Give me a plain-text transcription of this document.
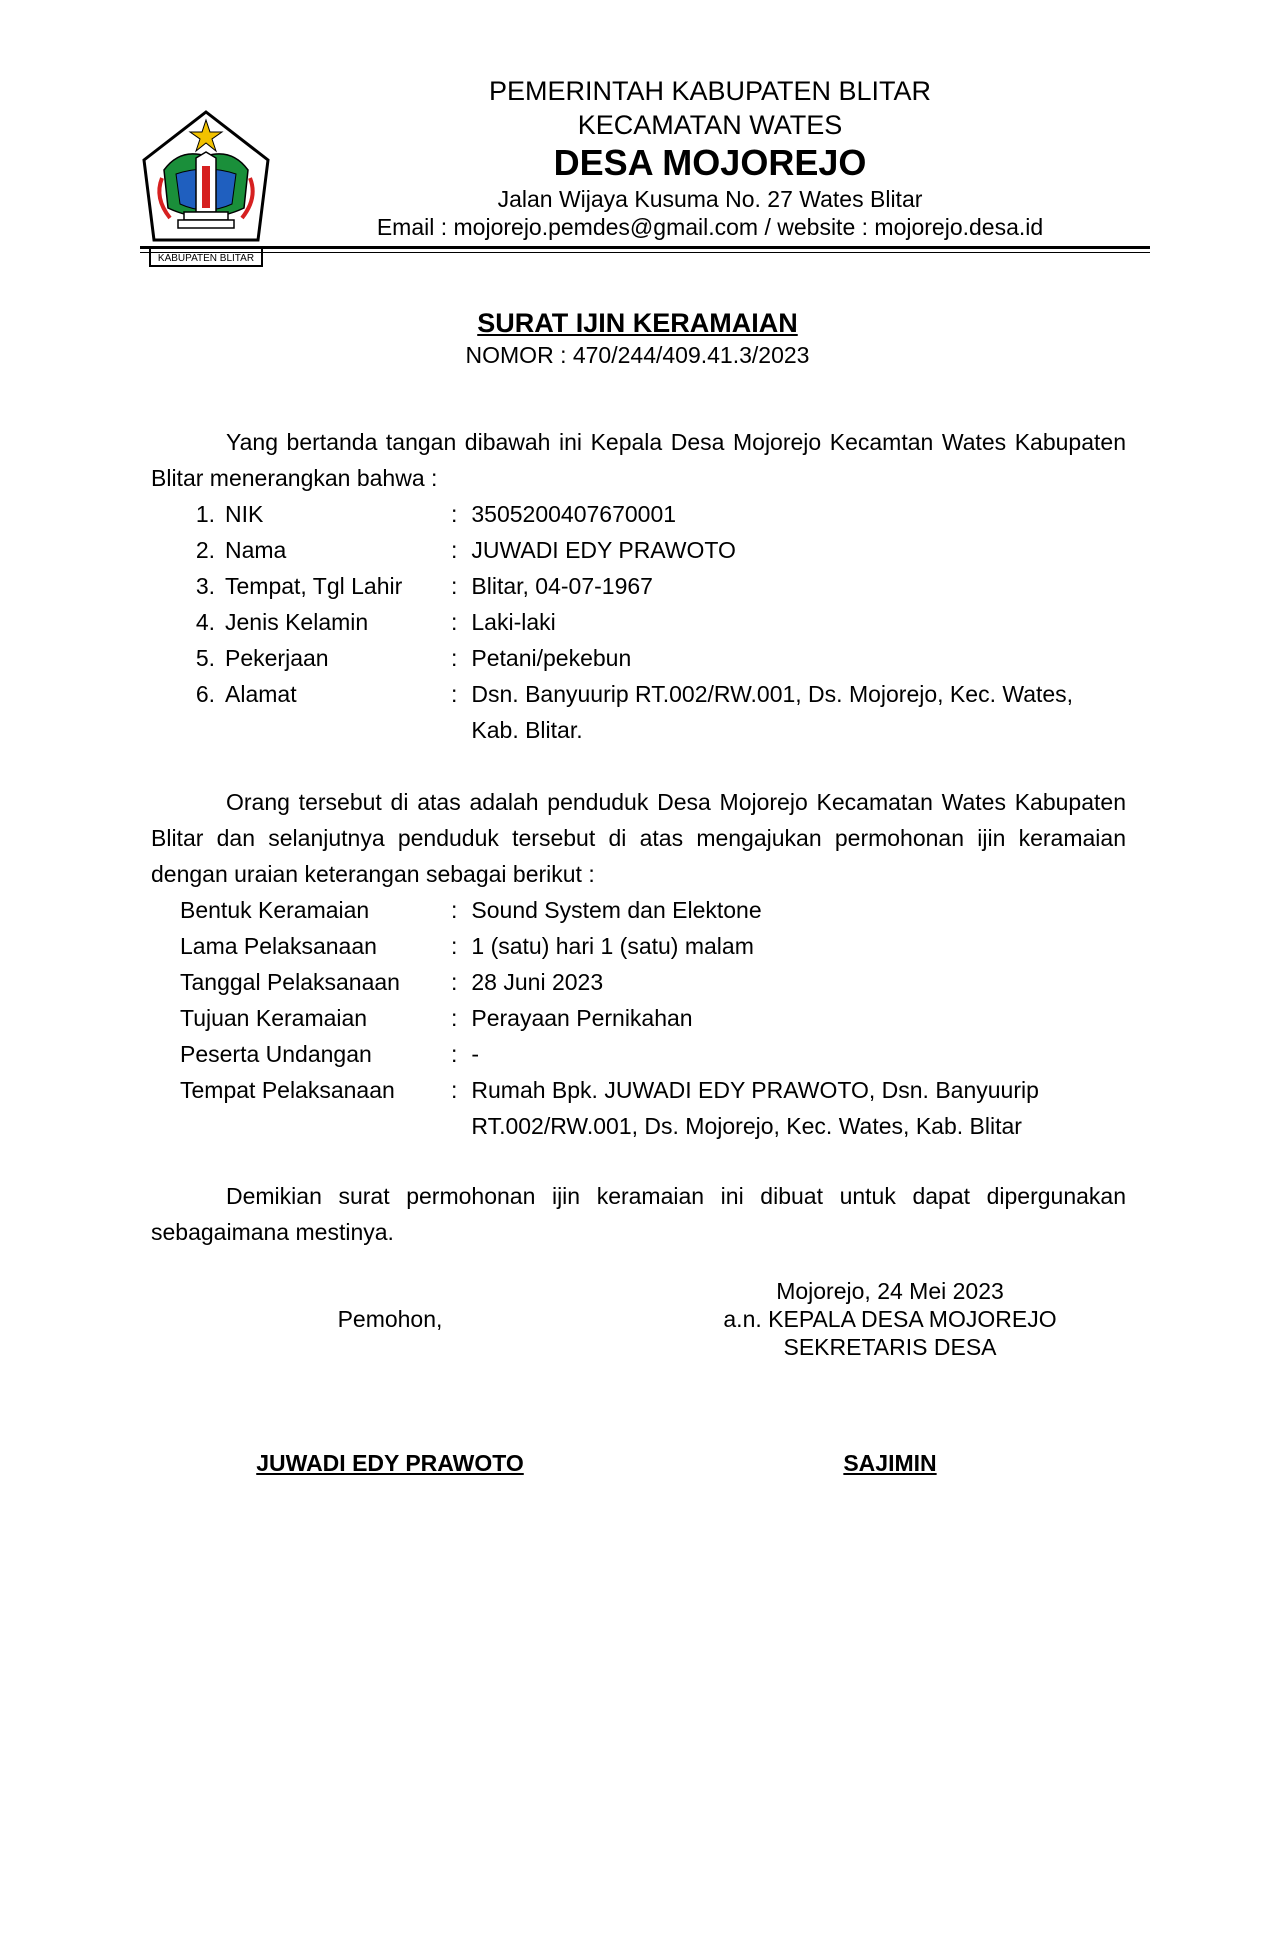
KABUPATEN BLITAR
PEMERINTAH KABUPATEN BLITAR
KECAMATAN WATES
DESA MOJOREJO
Jalan Wijaya Kusuma No. 27 Wates Blitar
Email : mojorejo.pemdes@gmail.com / website : mojorejo.desa.id
SURAT IJIN KERAMAIAN
NOMOR : 470/244/409.41.3/2023
Yang bertanda tangan dibawah ini Kepala Desa Mojorejo Kecamtan Wates Kabupaten Blitar menerangkan bahwa :
1. NIK	: 3505200407670001
2. Nama	: JUWADI EDY PRAWOTO
3. Tempat, Tgl Lahir : Blitar, 04-07-1967
4. Jenis Kelamin	: Laki-laki
5. Pekerjaan	: Petani/pekebun
6. Alamat	: Dsn. Banyuurip RT.002/RW.001, Ds. Mojorejo, Kec. Wates,
Kab. Blitar.
Orang tersebut di atas adalah penduduk Desa Mojorejo Kecamatan Wates Kabupaten Blitar dan selanjutnya penduduk tersebut di atas mengajukan permohonan ijin keramaian dengan uraian keterangan sebagai berikut :
Bentuk Keramaian	: Sound System dan Elektone
Lama Pelaksanaan	: 1 (satu) hari 1 (satu) malam
Tanggal Pelaksanaan : 28 Juni 2023
Tujuan Keramaian	: Perayaan Pernikahan
Peserta Undangan	: -
Tempat Pelaksanaan : Rumah Bpk. JUWADI EDY PRAWOTO, Dsn. Banyuurip
RT.002/RW.001, Ds. Mojorejo, Kec. Wates, Kab. Blitar
Demikian surat permohonan ijin keramaian ini dibuat untuk dapat dipergunakan sebagaimana mestinya.
Mojorejo, 24 Mei 2023
Pemohon,	a.n. KEPALA DESA MOJOREJO
SEKRETARIS DESA
JUWADI EDY PRAWOTO	SAJIMIN
